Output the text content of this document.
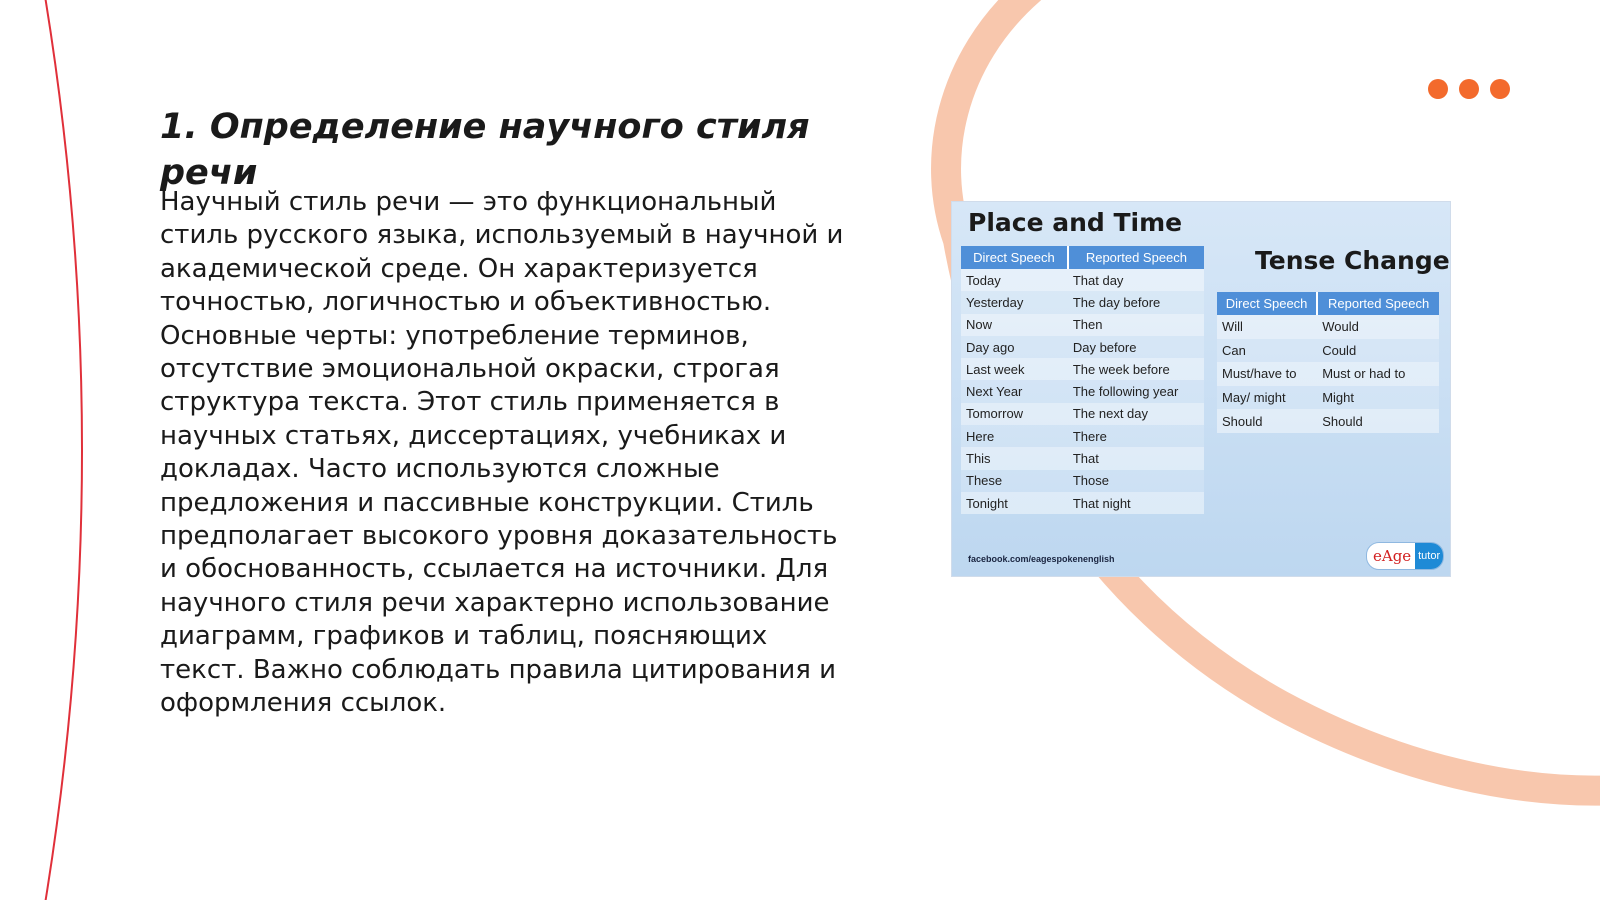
1. Определение научного стиля речи

Научный стиль речи — это функциональный стиль русского языка, используемый в научной и академической среде. Он характеризуется точностью, логичностью и объективностью. Основные черты: употребление терминов, отсутствие эмоциональной окраски, строгая структура текста. Этот стиль применяется в научных статьях, диссертациях, учебниках и докладах. Часто используются сложные предложения и пассивные конструкции. Стиль предполагает высокого уровня доказательность и обоснованность, ссылается на источники. Для научного стиля речи характерно использование диаграмм, графиков и таблиц, поясняющих текст. Важно соблюдать правила цитирования и оформления ссылок.

Place and Time
Tense Change
Direct Speech	Reported Speech
Today	That day
Yesterday	The day before
Now	Then
Day ago	Day before
Last week	The week before
Next Year	The following year
Tomorrow	The next day
Here	There
This	That
These	Those
Tonight	That night
Direct Speech	Reported Speech
Will	Would
Can	Could
Must/have to	Must or had to
May/ might	Might
Should	Should
facebook.com/eagespokenenglish	eAge tutor
